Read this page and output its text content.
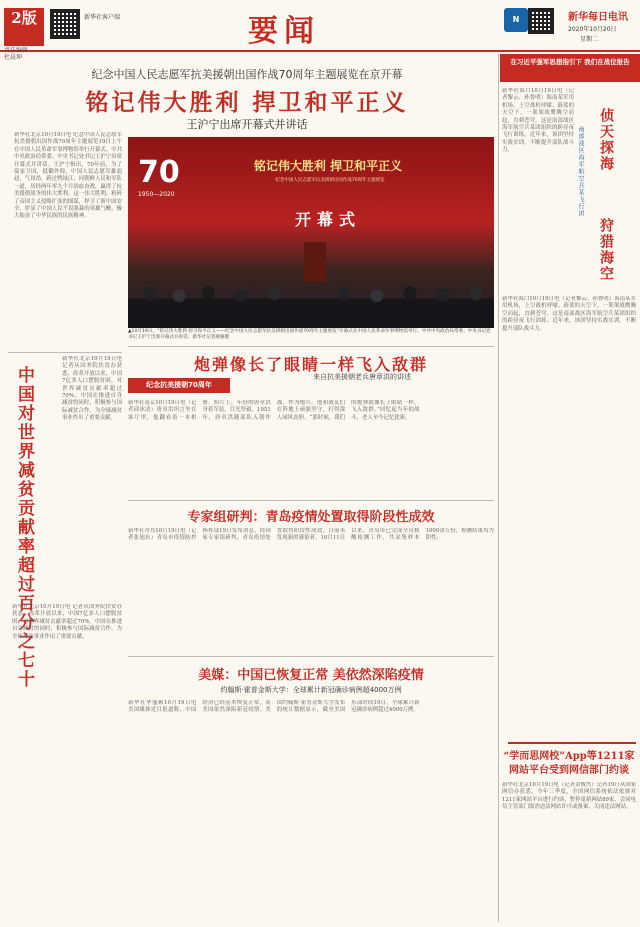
2版
责任编辑
杜晨坤
新华社客户端	要闻	N	新华每日电讯
2020年10月20日
星期二
纪念中国人民志愿军抗美援朝出国作战70周年主题展览在京开幕
铭记伟大胜利 捍卫和平正义
王沪宁出席开幕式并讲话

新华社北京10月19日电 纪念中国人民志愿军抗美援朝出国作战70周年主题展览19日上午在中国人民革命军事博物馆举行开幕式。中共中央政治局常委、中央书记处书记王沪宁出席开幕式并讲话。王沪宁指出，70年前，为了保家卫国，抵御外侮，中国人民志愿军雄赳赳、气昂昂，跨过鸭绿江，同朝鲜人民和军队一道，历经两年零九个月浴血奋战，赢得了抗美援朝战争的伟大胜利。这一伟大胜利，粉碎了帝国主义侵略扩张的图谋，捍卫了新中国安全，彰显了中国人民不畏强暴的英雄气概，极大振奋了中华民族的民族精神。

70
1950—2020
铭记伟大胜利 捍卫和平正义
纪念中国人民志愿军抗美援朝出国作战70周年主题展览
开幕式
▲10月19日，“铭记伟大胜利 捍卫和平正义——纪念中国人民志愿军抗美援朝出国作战70周年主题展览”开幕式在中国人民革命军事博物馆举行。中共中央政治局常委、中央书记处书记王沪宁出席开幕式并讲话。新华社记者燕雁摄
中国对世界减贫贡献率超过百分之七十

新华社北京10月19日电 记者从国务院扶贫办获悉，改革开放以来，中国7亿多人口摆脱贫困，对世界减贫贡献率超过70%。中国在推进自身减贫的同时，积极参与国际减贫合作，为全球减贫事业作出了重要贡献。

新华社北京10月19日电 记者从国务院扶贫办获悉，改革开放以来，中国7亿多人口摆脱贫困，对世界减贫贡献率超过70%。中国在推进自身减贫的同时，积极参与国际减贫合作，为全球减贫事业作出了重要贡献。

炮弹像长了眼睛一样飞入敌群
来自抗美援朝老兵唐章洪的讲述
纪念抗美援朝70周年

新华社南京10月19日电（记者邱冰清）唐章洪坦言坐在客厅里，他翻看着一本相册。照片上，年轻的唐章洪身着军装，目光坚毅。1951年，唐章洪随部队入朝作战。作为炮兵，他和战友们在阵地上顽强坚守，打得敌人闻风丧胆。“那时候，我们的炮弹就像长了眼睛一样，飞入敌群。”回忆起当年的战斗，老人至今记忆犹新。

专家组研判：青岛疫情处置取得阶段性成效

新华社青岛10月19日电（记者张旭东）青岛市疫情防控指挥部19日发布消息，经国家专家组研判，青岛疫情处置取得阶段性成效，目前未发现新的感染者。10月11日以来，青岛市已完成全员核酸检测工作，共采集样本1000余万份，检测结果均为阴性。

美媒：中国已恢复正常 美依然深陷疫情
约翰斯·霍普金斯大学：全球累计新冠确诊病例超4000万例

新华社华盛顿10月19日电 美国媒体近日报道称，中国经济已经基本恢复正常，而美国依然深陷新冠疫情。美国约翰斯·霍普金斯大学发布的统计数据显示，截至美国东部时间19日，全球累计新冠确诊病例超过4000万例。

在习近平强军思想指引下 我们在战位报告

新华社海口10月19日电（记者黎云、孙鲁明）海南某军用机场，上空战机呼啸。蔚蓝的天空下，一架架战鹰腾空而起，直刺苍穹。这是南部战区海军航空兵某团组织的跨昼夜飞行训练。近年来，该团坚持实战实训，不断提升部队战斗力。	侦天探海
南部战区海军航空兵某飞行团
狩猎海空

新华社海口10月19日电（记者黎云、孙鲁明）海南某军用机场，上空战机呼啸。蔚蓝的天空下，一架架战鹰腾空而起，直刺苍穹。这是南部战区海军航空兵某团组织的跨昼夜飞行训练。近年来，该团坚持实战实训，不断提升部队战斗力。

“学而思网校”App等1211家网站平台受到网信部门约谈

新华社北京10月19日电（记者余俊杰）记者19日从国家网信办获悉，今年三季度，全国网信系统依法依规对1211家网站平台进行约谈，暂停更新网站89家，会同电信主管部门取消违法网站许可或备案、关闭违法网站。
